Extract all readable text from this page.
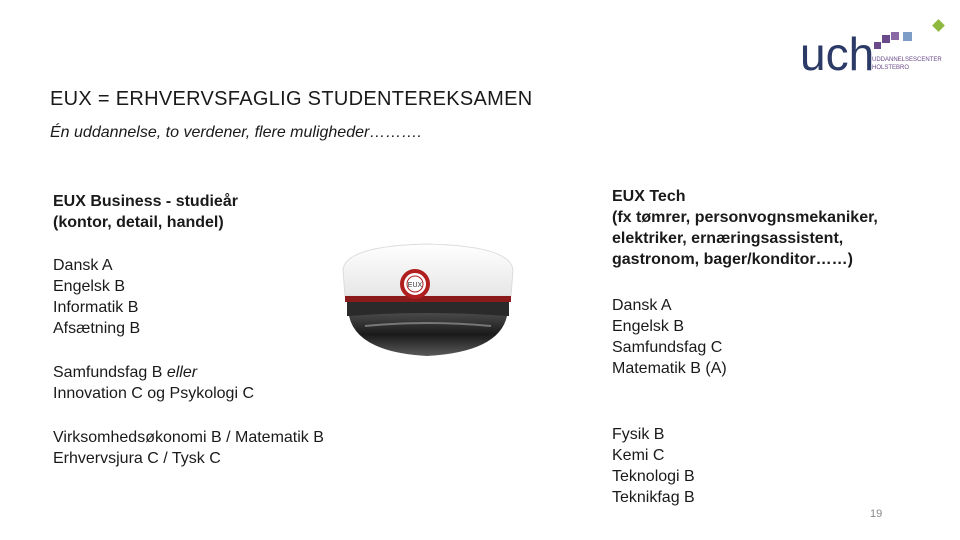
uch
UDDANNELSESCENTER
HOLSTEBRO
EUX = ERHVERVSFAGLIG STUDENTEREKSAMEN
Én uddannelse, to verdener, flere muligheder……….
EUX Business - studieår
(kontor, detail, handel)
Dansk A
Engelsk B
Informatik B
Afsætning B
Samfundsfag B eller
Innovation C og Psykologi C
Virksomhedsøkonomi B / Matematik B
Erhvervsjura C / Tysk C
EUX
EUX Tech
(fx tømrer, personvognsmekaniker,
elektriker, ernæringsassistent,
gastronom, bager/konditor……)
Dansk A
Engelsk B
Samfundsfag C
Matematik B (A)
Fysik B
Kemi C
Teknologi B
Teknikfag B
19
